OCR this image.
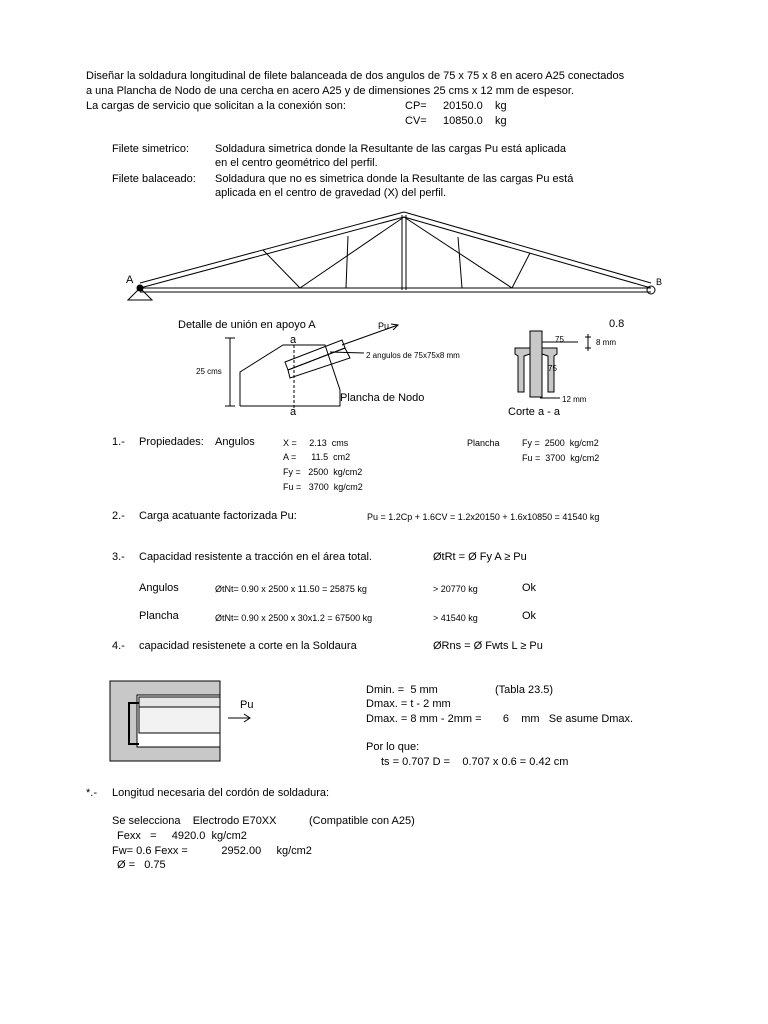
Diseñar la soldadura longitudinal de filete balanceada de dos angulos de 75 x 75 x 8 en acero A25 conectados
a una Plancha de Nodo de una cercha en acero A25 y de dimensiones 25 cms x 12 mm de espesor.
La cargas de servicio que solicitan a la conexión son:	CP= 20150.0 kg
CV= 10850.0 kg
Filete simetrico: Soldadura simetrica donde la Resultante de las cargas Pu está aplicada
en el centro geométrico del perfil.
Filete balaceado: Soldadura que no es simetrica donde la Resultante de las cargas Pu está
aplicada en el centro de gravedad (X) del perfil.
A	B
Detalle de unión en apoyo A	Pu
a
a
25 cms
2 angulos de 75x75x8 mm
Plancha de Nodo
Corte a - a
0.8
75
75
8 mm
12 mm
1.- Propiedades: Angulos	X =     2.13  cms
A =      11.5  cm2
Fy =   2500  kg/cm2
Fu =   3700  kg/cm2
Plancha Fy =  2500  kg/cm2
Fu =  3700  kg/cm2
2.- Carga acatuante factorizada Pu:	Pu = 1.2Cp + 1.6CV = 1.2x20150 + 1.6x10850 = 41540 kg
3.- Capacidad resistente a tracción en el área total.	ØtRt = Ø Fy A ≥ Pu
Angulos	ØtNt= 0.90 x 2500 x 11.50 = 25875 kg	> 20770 kg	Ok
Plancha	ØtNt= 0.90 x 2500 x 30x1.2 = 67500 kg	> 41540 kg	Ok
4.- capacidad resistenete a corte en la Soldaura	ØRns = Ø Fwts L ≥ Pu
Pu
Dmin. =  5 mm	(Tabla 23.5)
Dmax. = t - 2 mm
Dmax. = 8 mm - 2mm =       6    mm   Se asume Dmax.
Por lo que:
ts = 0.707 D =    0.707 x 0.6 = 0.42 cm
*.- Longitud necesaria del cordón de soldadura:
Se selecciona    Electrodo E70XX	(Compatible con A25)
Fexx   =     4920.0  kg/cm2
Fw= 0.6 Fexx =           2952.00     kg/cm2
Ø =   0.75
